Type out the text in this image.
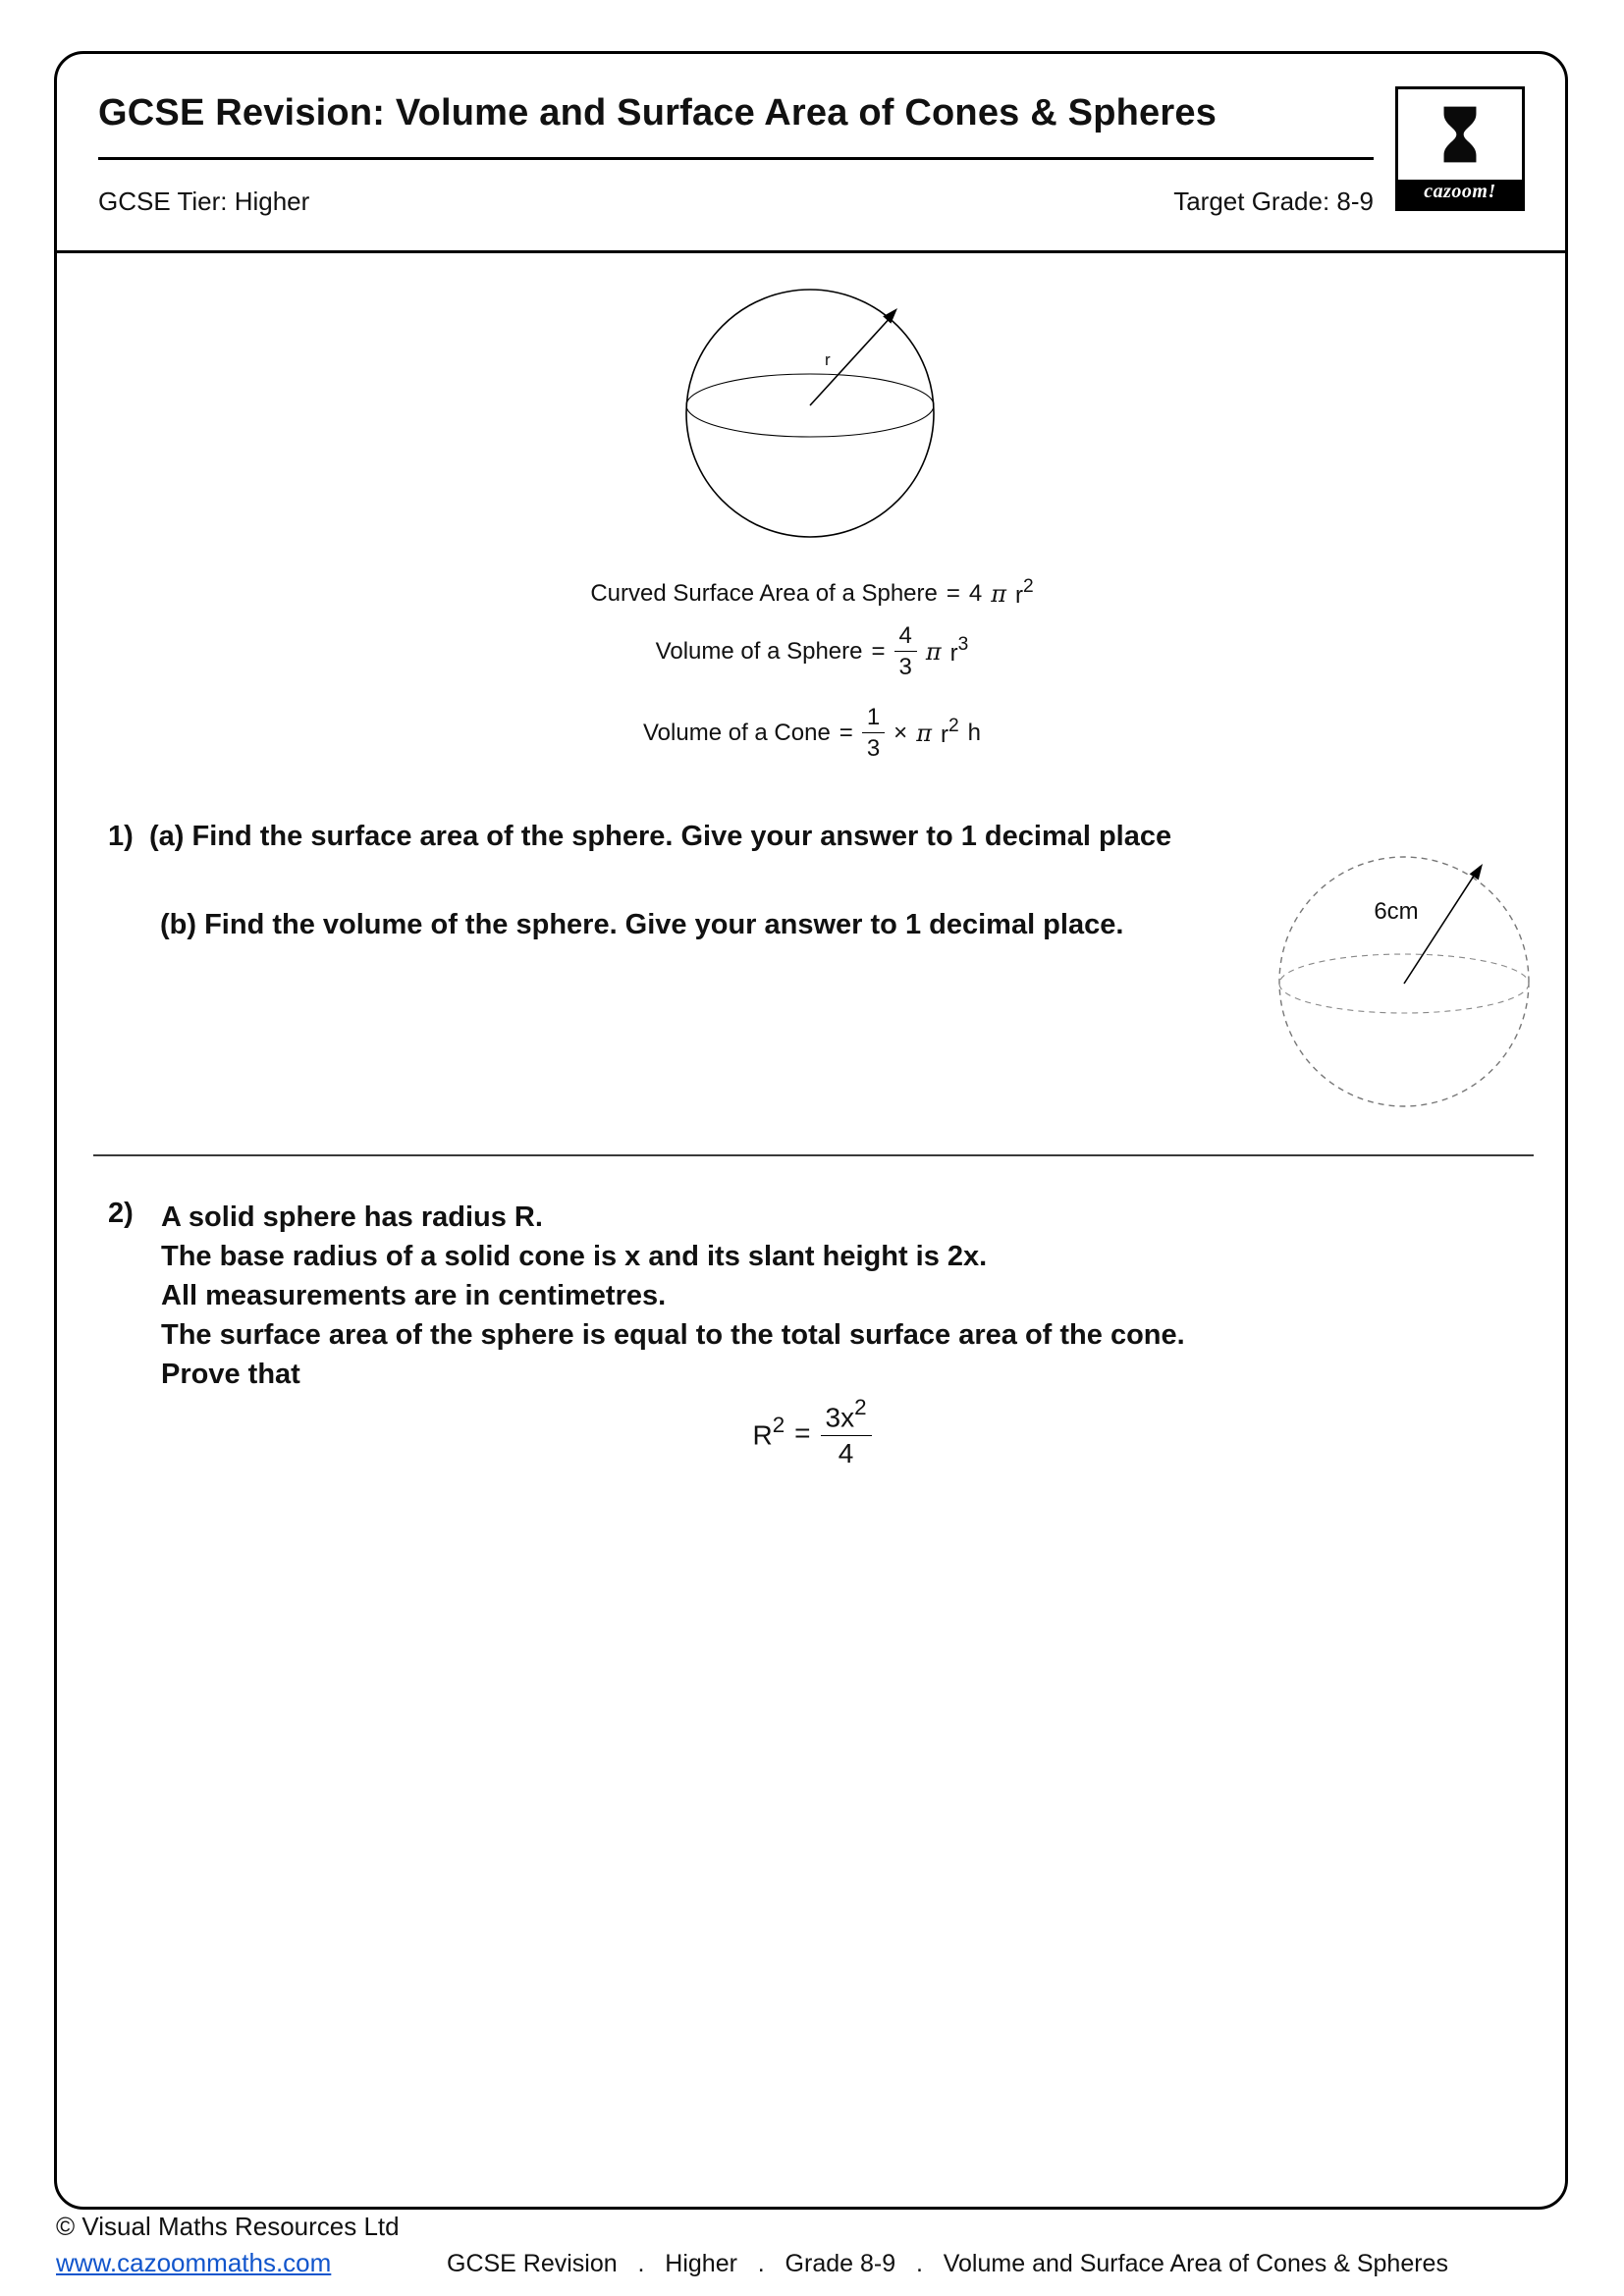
GCSE Revision: Volume and Surface Area of Cones & Spheres
GCSE Tier: Higher	Target Grade: 8-9	cazoom!
r
Curved Surface Area of a Sphere = 4 π $r^2$
Volume of a Sphere = $\frac{4}{3}$ π $r^3$
Volume of a Cone = $\frac{1}{3} \times \pi$ $r^2$ h
1) (a) Find the surface area of the sphere. Give your answer to 1 decimal place
(b) Find the volume of the sphere. Give your answer to 1 decimal place.	6cm
2) A solid sphere has radius R.
The base radius of a solid cone is x and its slant height is 2x.
All measurements are in centimetres.
The surface area of the sphere is equal to the total surface area of the cone.
Prove that
$R^2 = \frac{3x^2}{4}$
© Visual Maths Resources Ltd
www.cazoommaths.com	GCSE Revision   .   Higher   .   Grade 8-9   .   Volume and Surface Area of Cones & Spheres
